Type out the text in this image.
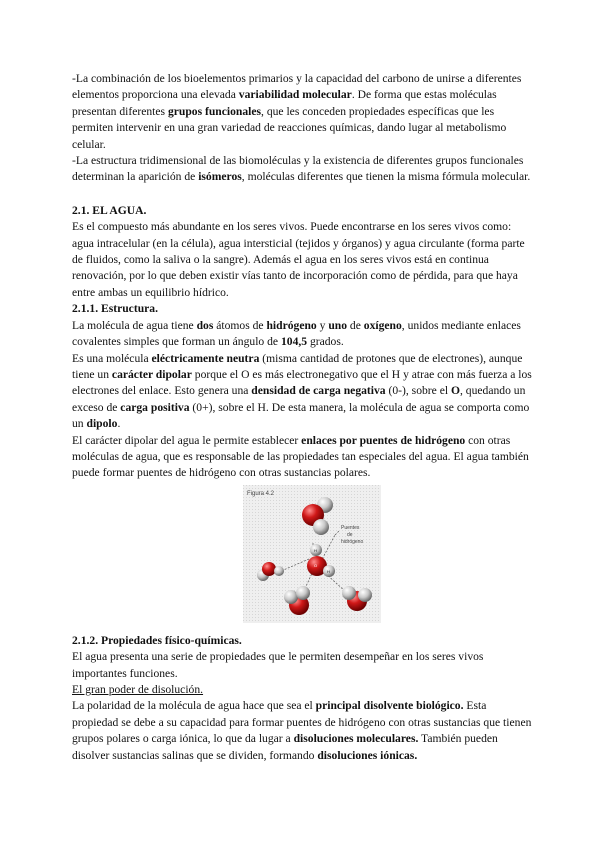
-La combinación de los bioelementos primarios y la capacidad del carbono de unirse a diferentes elementos proporciona una elevada variabilidad molecular. De forma que estas moléculas presentan diferentes grupos funcionales, que les conceden propiedades específicas que les permiten intervenir en una gran variedad de reacciones químicas, dando lugar al metabolismo celular.

-La estructura tridimensional de las biomoléculas y la existencia de diferentes grupos funcionales determinan la aparición de isómeros, moléculas diferentes que tienen la misma fórmula molecular.

2.1. EL AGUA.

Es el compuesto más abundante en los seres vivos. Puede encontrarse en los seres vivos como: agua intracelular (en la célula), agua intersticial (tejidos y órganos) y agua circulante (forma parte de fluidos, como la saliva o la sangre). Además el agua en los seres vivos está en continua renovación, por lo que deben existir vías tanto de incorporación como de pérdida, para que haya entre ambas un equilibrio hídrico.

2.1.1. Estructura.

La molécula de agua tiene dos átomos de hidrógeno y uno de oxígeno, unidos mediante enlaces covalentes simples que forman un ángulo de 104,5 grados.

Es una molécula eléctricamente neutra (misma cantidad de protones que de electrones), aunque tiene un carácter dipolar porque el O es más electronegativo que el H y atrae con más fuerza a los electrones del enlace. Esto genera una densidad de carga negativa (0-), sobre el O, quedando un exceso de carga positiva (0+), sobre el H. De esta manera, la molécula de agua se comporta como un dipolo.

El carácter dipolar del agua le permite establecer enlaces por puentes de hidrógeno con otras moléculas de agua, que es responsable de las propiedades tan especiales del agua. El agua también puede formar puentes de hidrógeno con otras sustancias polares.

Figura 4.2
Puentes
de
hidrógeno
H
O
H

2.1.2. Propiedades físico-químicas.

El agua presenta una serie de propiedades que le permiten desempeñar en los seres vivos importantes funciones.

El gran poder de disolución.

La polaridad de la molécula de agua hace que sea el principal disolvente biológico. Esta propiedad se debe a su capacidad para formar puentes de hidrógeno con otras sustancias que tienen grupos polares o carga iónica, lo que da lugar a disoluciones moleculares. También pueden disolver sustancias salinas que se dividen, formando disoluciones iónicas.
